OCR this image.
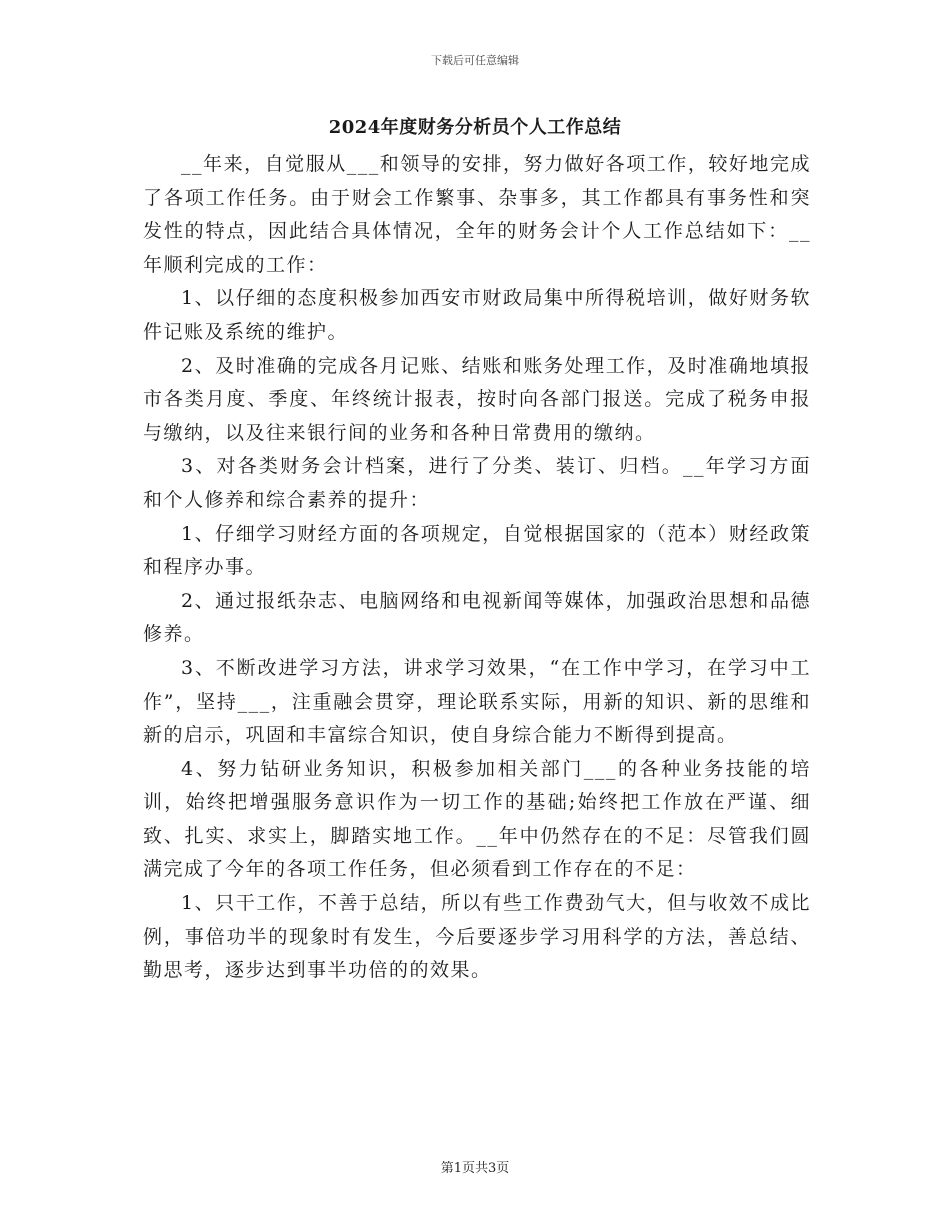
下载后可任意编辑

2024年度财务分析员个人工作总结

__年来，自觉服从___和领导的安排，努力做好各项工作，较好地完成了各项工作任务。由于财会工作繁事、杂事多，其工作都具有事务性和突发性的特点，因此结合具体情况，全年的财务会计个人工作总结如下：__年顺利完成的工作：

1、以仔细的态度积极参加西安市财政局集中所得税培训，做好财务软件记账及系统的维护。

2、及时准确的完成各月记账、结账和账务处理工作，及时准确地填报市各类月度、季度、年终统计报表，按时向各部门报送。完成了税务申报与缴纳，以及往来银行间的业务和各种日常费用的缴纳。

3、对各类财务会计档案，进行了分类、装订、归档。__年学习方面和个人修养和综合素养的提升：

1、仔细学习财经方面的各项规定，自觉根据国家的（范本）财经政策和程序办事。

2、通过报纸杂志、电脑网络和电视新闻等媒体，加强政治思想和品德修养。

3、不断改进学习方法，讲求学习效果，“在工作中学习，在学习中工作”，坚持___，注重融会贯穿，理论联系实际，用新的知识、新的思维和新的启示，巩固和丰富综合知识，使自身综合能力不断得到提高。

4、努力钻研业务知识，积极参加相关部门___的各种业务技能的培训，始终把增强服务意识作为一切工作的基础;始终把工作放在严谨、细致、扎实、求实上，脚踏实地工作。__年中仍然存在的不足：尽管我们圆满完成了今年的各项工作任务，但必须看到工作存在的不足：

1、只干工作，不善于总结，所以有些工作费劲气大，但与收效不成比例，事倍功半的现象时有发生，今后要逐步学习用科学的方法，善总结、勤思考，逐步达到事半功倍的的效果。

第1页共3页
